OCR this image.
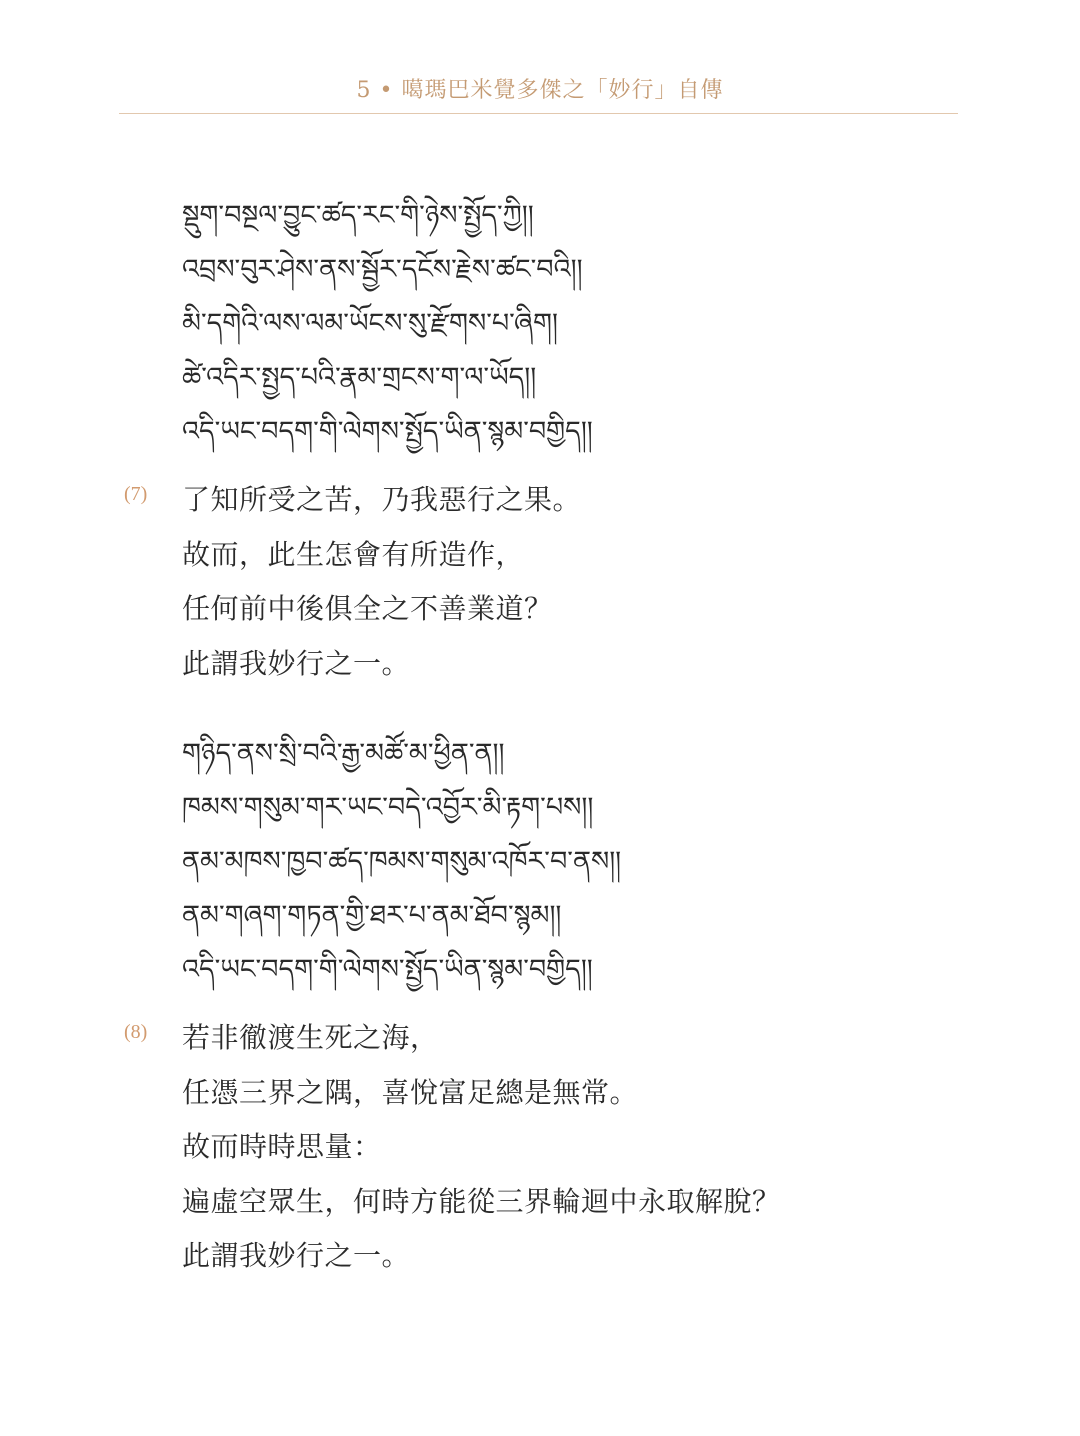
5 • 噶瑪巴米覺多傑之「妙行」自傳
སྡུག་བསྔལ་བྱུང་ཚད་རང་གི་ཉེས་སྤྱོད་ཀྱི།།
འབྲས་བུར་ཤེས་ནས་སྦྱོར་དངོས་རྗེས་ཚང་བའི།།
མི་དགེའི་ལས་ལམ་ཡོངས་སུ་རྫོགས་པ་ཞིག།
ཚེ་འདིར་སྤྱད་པའི་རྣམ་གྲངས་ག་ལ་ཡོད།།
འདི་ཡང་བདག་གི་ལེགས་སྤྱོད་ཡིན་སྙམ་བགྱིད།།
(7) 了知所受之苦，乃我惡行之果。
故而，此生怎會有所造作，
任何前中後俱全之不善業道？
此謂我妙行之一。
གཉིད་ནས་སྲི་བའི་རྒྱ་མཚོ་མ་ཕྱིན་ན།།
ཁམས་གསུམ་གར་ཡང་བདེ་འབྱོར་མི་རྟག་པས།།
ནམ་མཁས་ཁྱབ་ཚད་ཁམས་གསུམ་འཁོར་བ་ནས།།
ནམ་གཞག་གཏན་གྱི་ཐར་པ་ནམ་ཐོབ་སྙམ།།
འདི་ཡང་བདག་གི་ལེགས་སྤྱོད་ཡིན་སྙམ་བགྱིད།།
(8) 若非徹渡生死之海，
任憑三界之隅，喜悅富足總是無常。
故而時時思量：
遍虛空眾生，何時方能從三界輪迴中永取解脫？
此謂我妙行之一。
